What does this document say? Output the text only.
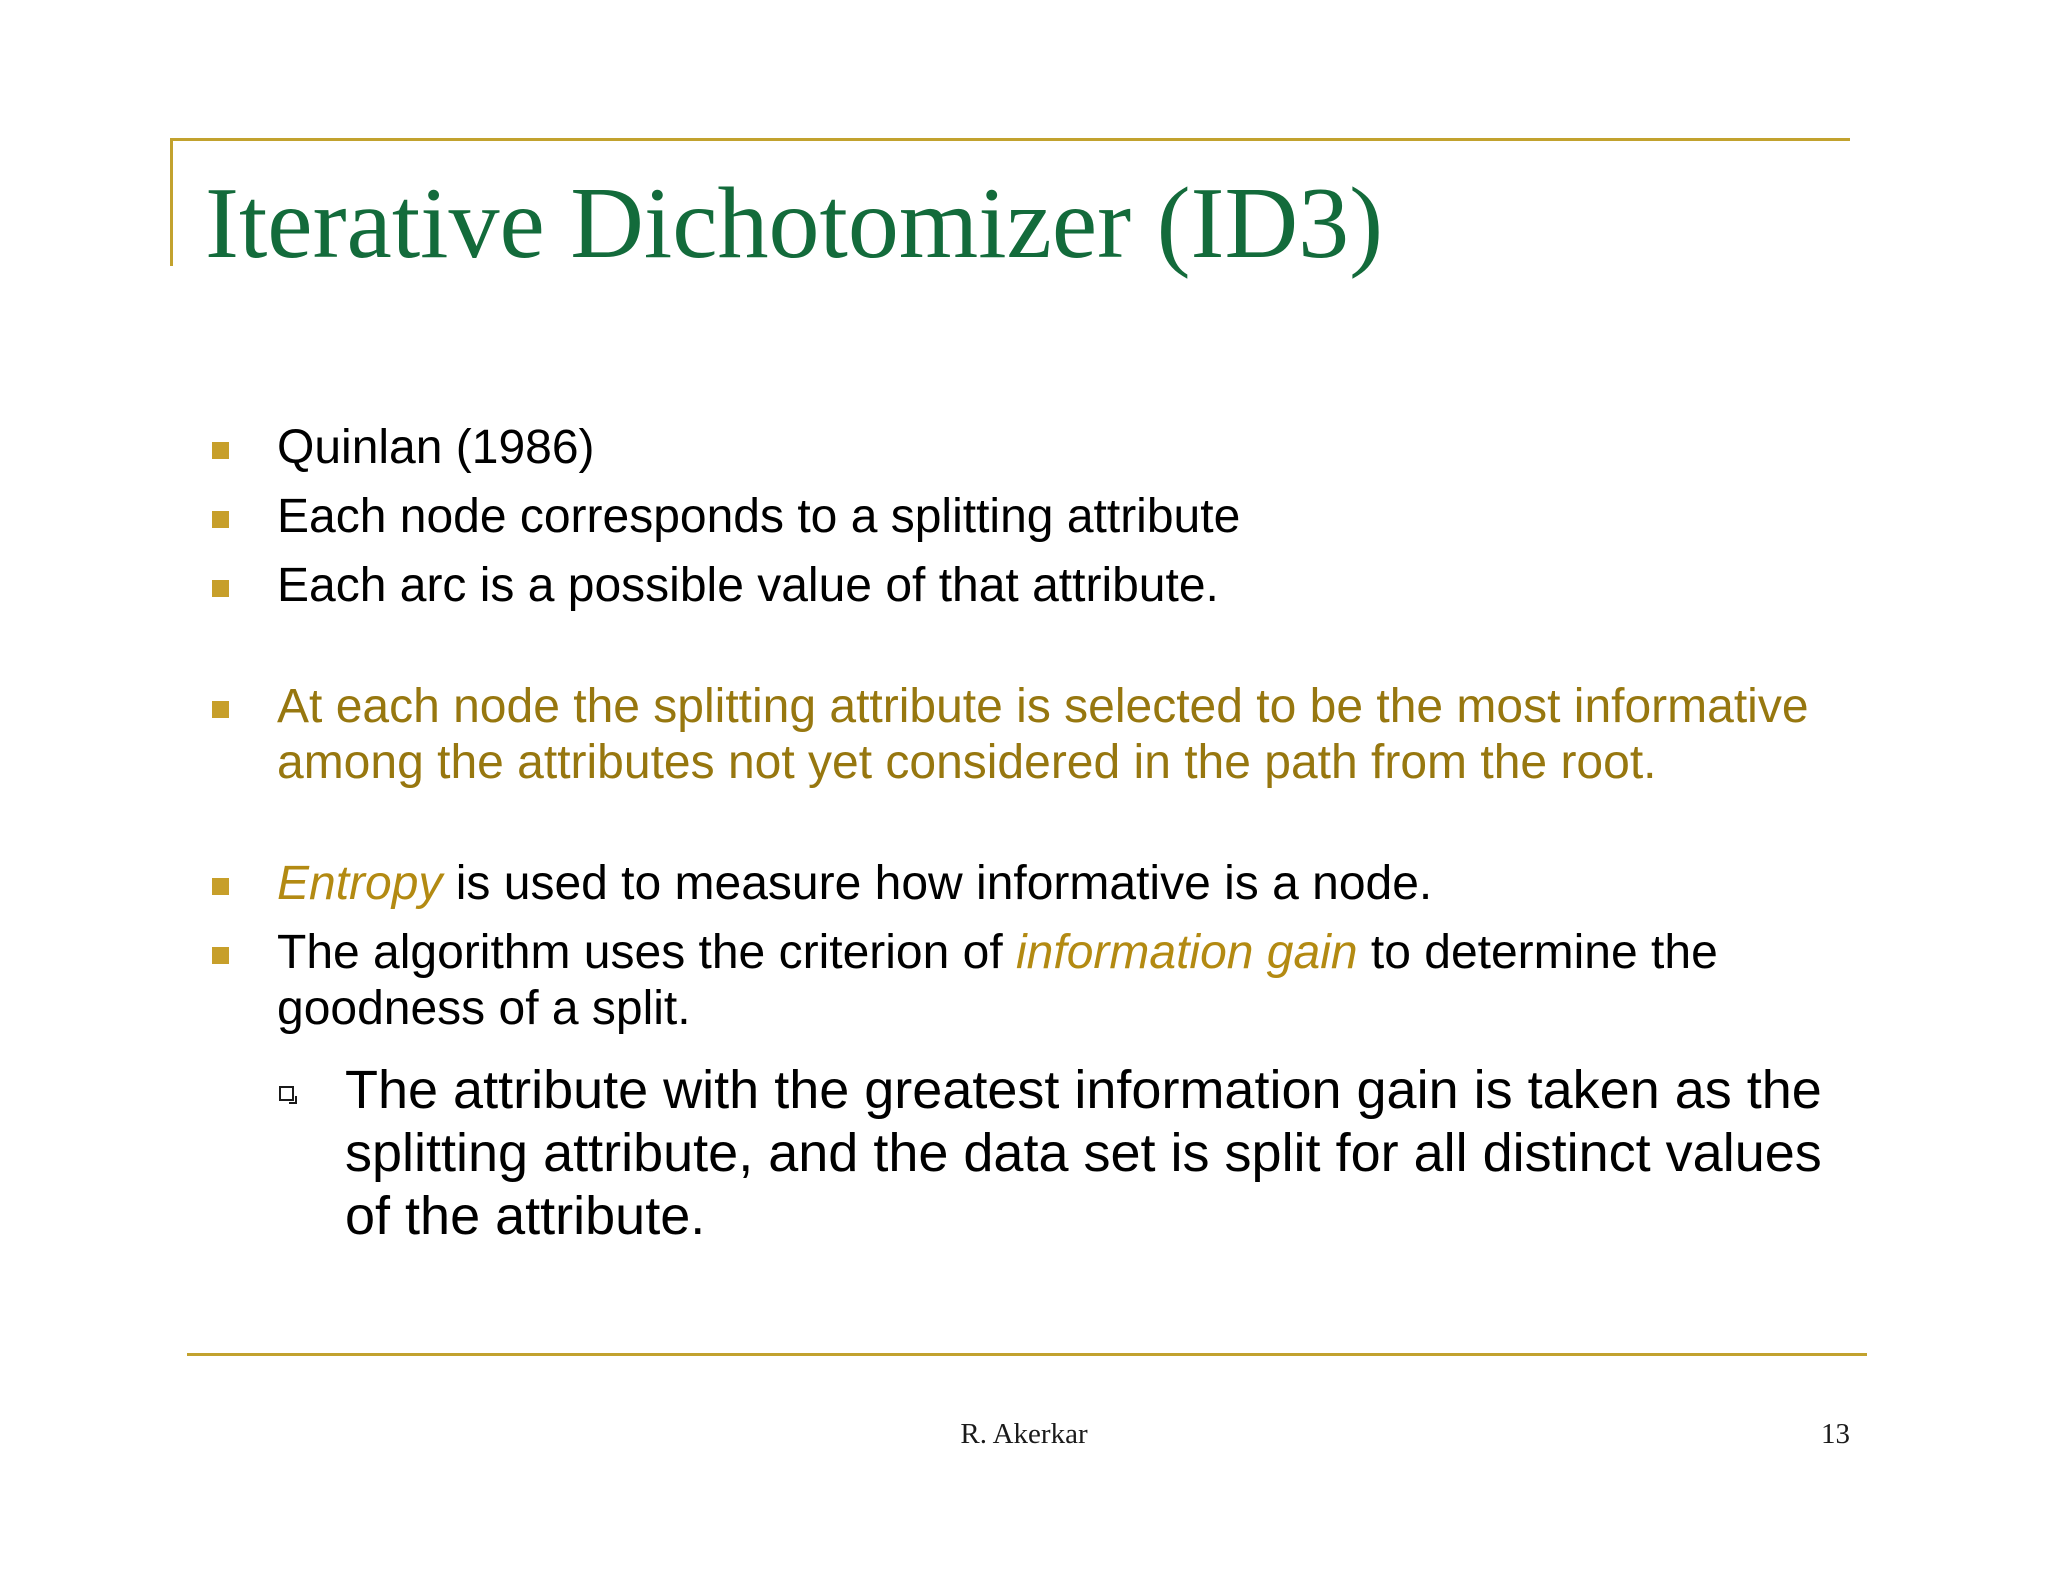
Iterative Dichotomizer (ID3)
Quinlan (1986)
Each node corresponds to a splitting attribute
Each arc is a possible value of that attribute.
At each node the splitting attribute is selected to be the most informative among the attributes not yet considered in the path from the root.
Entropy is used to measure how informative is a node.
The algorithm uses the criterion of information gain to determine the goodness of a split.
The attribute with the greatest information gain is taken as the splitting attribute, and the data set is split for all distinct values of the attribute.
R. Akerkar	13
